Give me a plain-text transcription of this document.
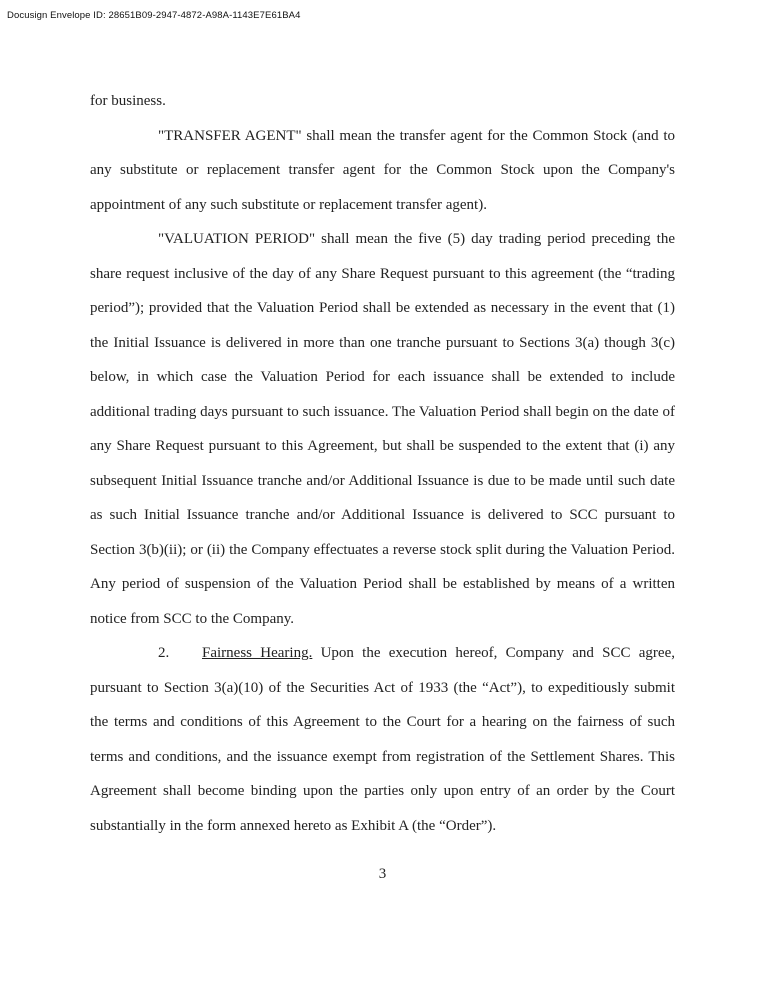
Docusign Envelope ID: 28651B09-2947-4872-A98A-1143E7E61BA4

for business.

"TRANSFER AGENT" shall mean the transfer agent for the Common Stock (and to any substitute or replacement transfer agent for the Common Stock upon the Company's appointment of any such substitute or replacement transfer agent).

"VALUATION PERIOD" shall mean the five (5) day trading period preceding the share request inclusive of the day of any Share Request pursuant to this agreement (the “trading period”); provided that the Valuation Period shall be extended as necessary in the event that (1) the Initial Issuance is delivered in more than one tranche pursuant to Sections 3(a) though 3(c) below, in which case the Valuation Period for each issuance shall be extended to include additional trading days pursuant to such issuance. The Valuation Period shall begin on the date of any Share Request pursuant to this Agreement, but shall be suspended to the extent that (i) any subsequent Initial Issuance tranche and/or Additional Issuance is due to be made until such date as such Initial Issuance tranche and/or Additional Issuance is delivered to SCC pursuant to Section 3(b)(ii); or (ii) the Company effectuates a reverse stock split during the Valuation Period. Any period of suspension of the Valuation Period shall be established by means of a written notice from SCC to the Company.

2. Fairness Hearing. Upon the execution hereof, Company and SCC agree, pursuant to Section 3(a)(10) of the Securities Act of 1933 (the “Act”), to expeditiously submit the terms and conditions of this Agreement to the Court for a hearing on the fairness of such terms and conditions, and the issuance exempt from registration of the Settlement Shares. This Agreement shall become binding upon the parties only upon entry of an order by the Court substantially in the form annexed hereto as Exhibit A (the “Order”).

3
